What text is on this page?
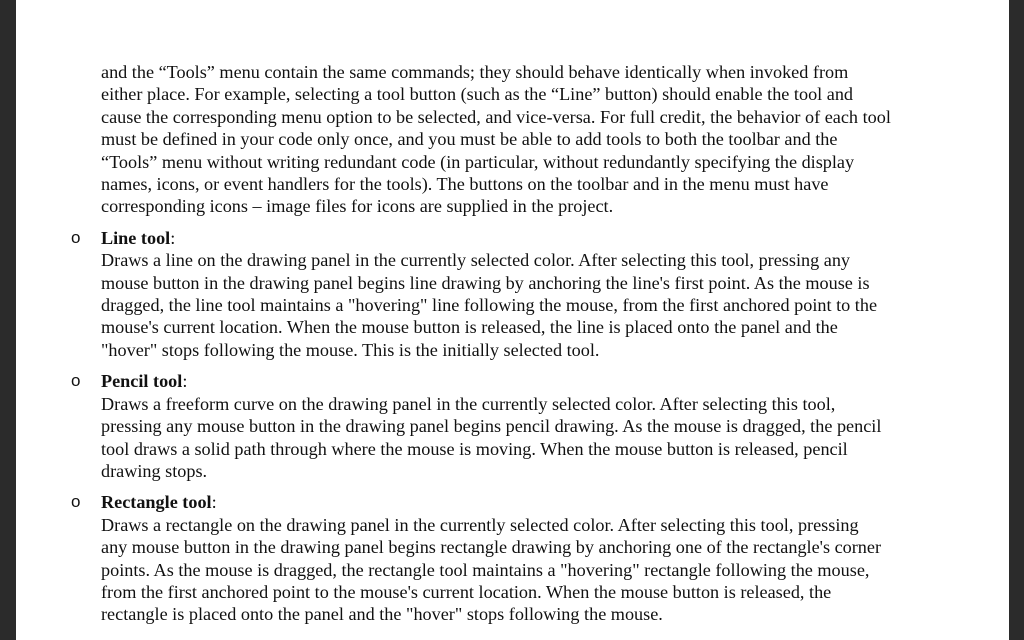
and the “Tools” menu contain the same commands; they should behave identically when invoked from
either place. For example, selecting a tool button (such as the “Line” button) should enable the tool and
cause the corresponding menu option to be selected, and vice-versa. For full credit, the behavior of each tool
must be defined in your code only once, and you must be able to add tools to both the toolbar and the
“Tools” menu without writing redundant code (in particular, without redundantly specifying the display
names, icons, or event handlers for the tools). The buttons on the toolbar and in the menu must have
corresponding icons – image files for icons are supplied in the project.
o Line tool:
Draws a line on the drawing panel in the currently selected color. After selecting this tool, pressing any
mouse button in the drawing panel begins line drawing by anchoring the line's first point. As the mouse is
dragged, the line tool maintains a "hovering" line following the mouse, from the first anchored point to the
mouse's current location. When the mouse button is released, the line is placed onto the panel and the
"hover" stops following the mouse. This is the initially selected tool.
o Pencil tool:
Draws a freeform curve on the drawing panel in the currently selected color. After selecting this tool,
pressing any mouse button in the drawing panel begins pencil drawing. As the mouse is dragged, the pencil
tool draws a solid path through where the mouse is moving. When the mouse button is released, pencil
drawing stops.
o Rectangle tool:
Draws a rectangle on the drawing panel in the currently selected color. After selecting this tool, pressing
any mouse button in the drawing panel begins rectangle drawing by anchoring one of the rectangle's corner
points. As the mouse is dragged, the rectangle tool maintains a "hovering" rectangle following the mouse,
from the first anchored point to the mouse's current location. When the mouse button is released, the
rectangle is placed onto the panel and the "hover" stops following the mouse.
